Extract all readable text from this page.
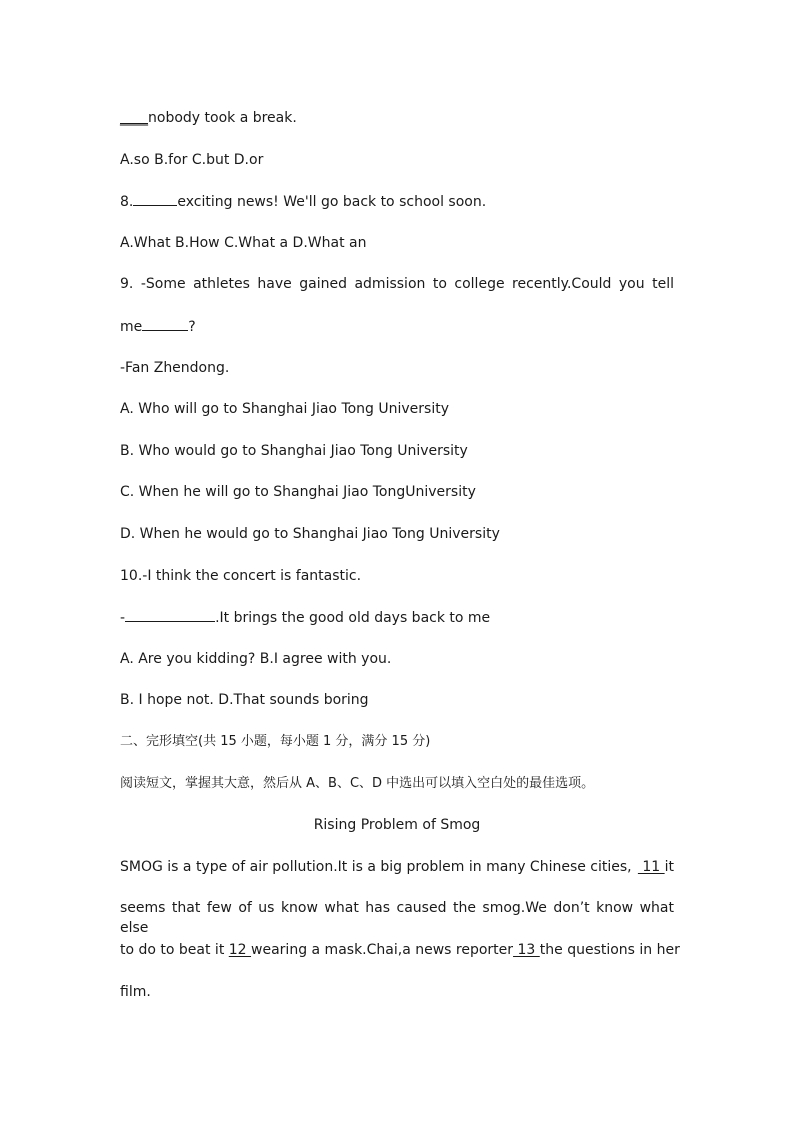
____nobody took a break.
A.so B.for C.but D.or
8.	exciting news! We'll go back to school soon.
A.What B.How C.What a D.What an
9. -Some athletes have gained admission to college recently.Could you tell
me	?
-Fan Zhendong.
A. Who will go to Shanghai Jiao Tong University
B. Who would go to Shanghai Jiao Tong University
C. When he will go to Shanghai Jiao TongUniversity
D. When he would go to Shanghai Jiao Tong University
10.-I think the concert is fantastic.
-	.It brings the good old days back to me
A. Are you kidding? B.I agree with you.
B. I hope not. D.That sounds boring
二、完形填空(共 15 小题，每小题 1 分，满分 15 分)
阅读短文，掌握其大意，然后从 A、B、C、D 中选出可以填入空白处的最佳选项。
Rising Problem of Smog
SMOG is a type of air pollution.It is a big problem in many Chinese cities, 11 it
seems that few of us know what has caused the smog.We don’t know what else
to do to beat it 12 wearing a mask.Chai,a news reporter 13 the questions in her
film.
